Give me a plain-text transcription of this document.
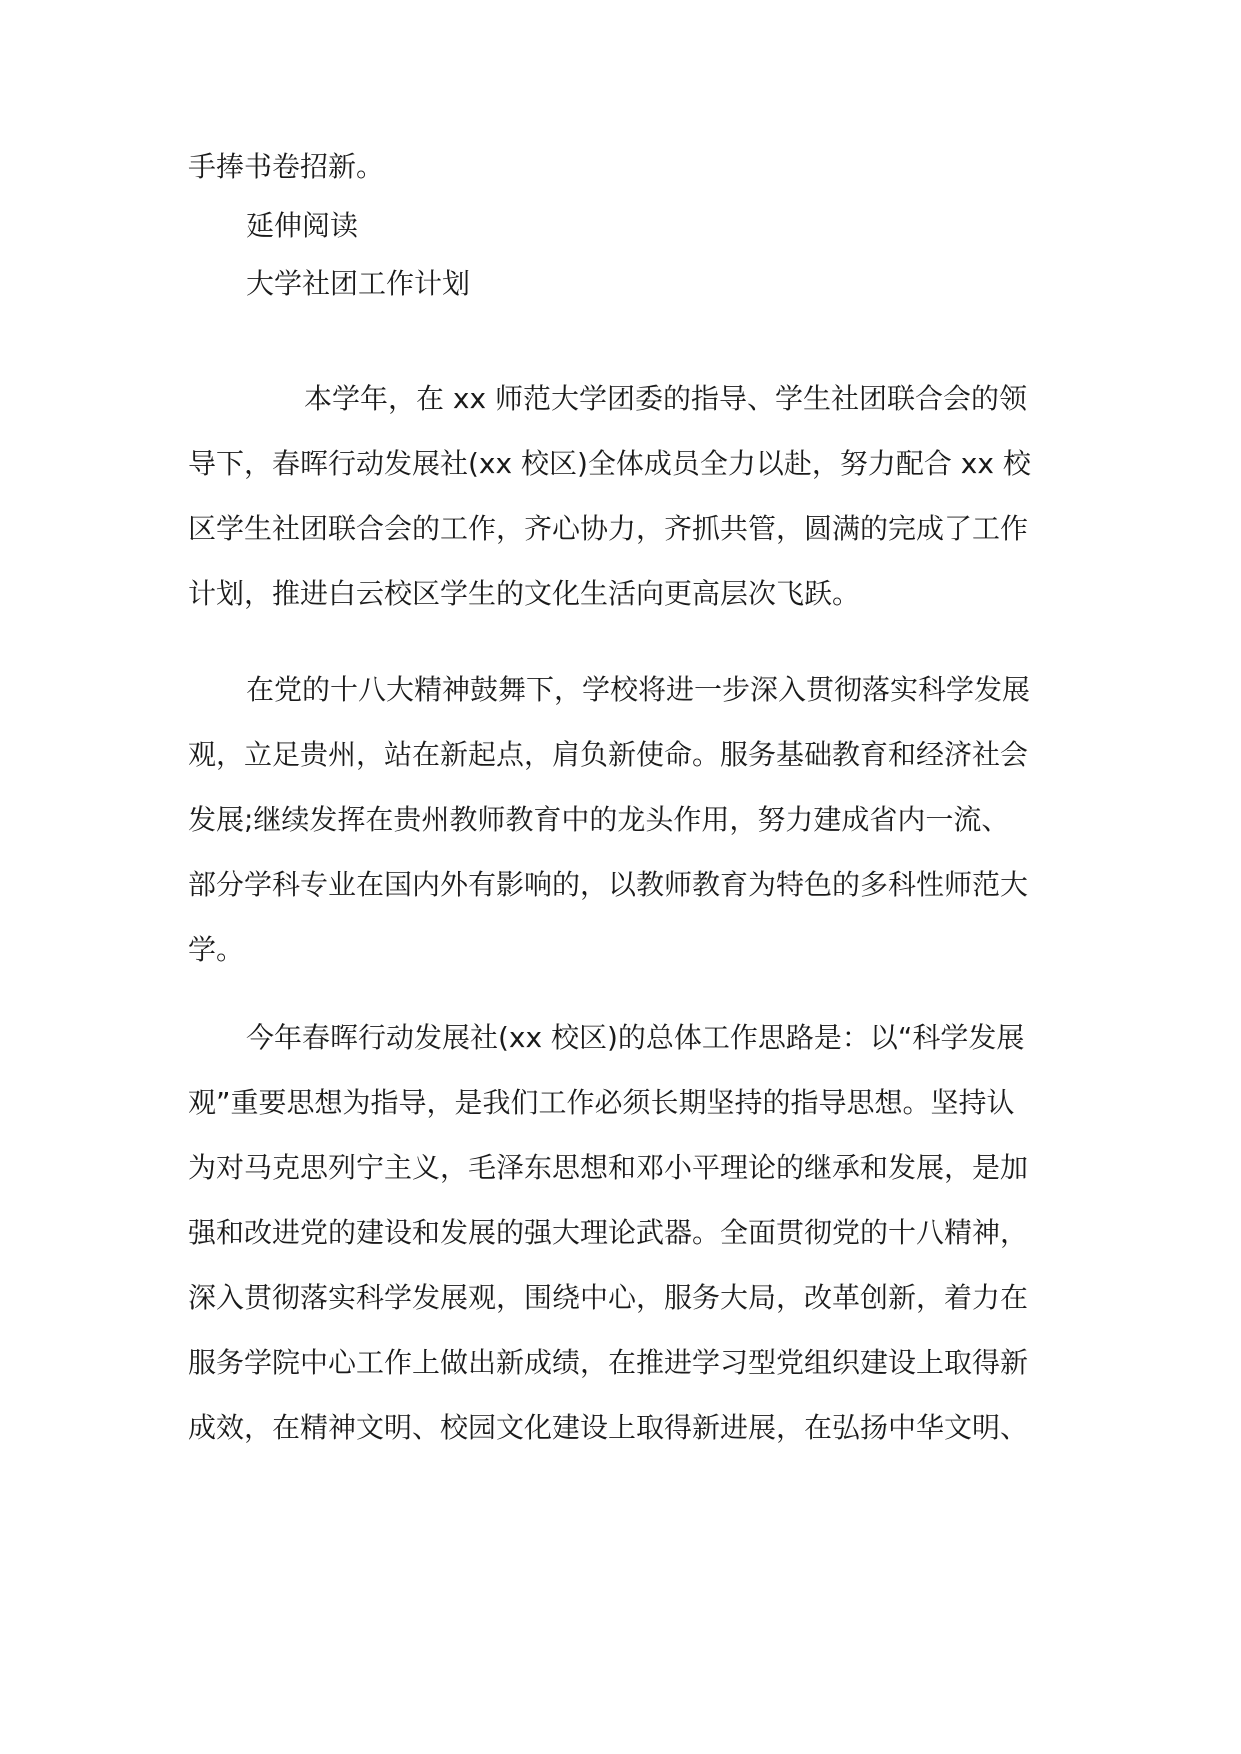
手捧书卷招新。
延伸阅读
大学社团工作计划
本学年，在 xx 师范大学团委的指导、学生社团联合会的领
导下，春晖行动发展社(xx 校区)全体成员全力以赴，努力配合 xx 校
区学生社团联合会的工作，齐心协力，齐抓共管，圆满的完成了工作
计划，推进白云校区学生的文化生活向更高层次飞跃。
在党的十八大精神鼓舞下，学校将进一步深入贯彻落实科学发展
观，立足贵州，站在新起点，肩负新使命。服务基础教育和经济社会
发展;继续发挥在贵州教师教育中的龙头作用，努力建成省内一流、
部分学科专业在国内外有影响的，以教师教育为特色的多科性师范大
学。
今年春晖行动发展社(xx 校区)的总体工作思路是：以“科学发展
观”重要思想为指导，是我们工作必须长期坚持的指导思想。坚持认
为对马克思列宁主义，毛泽东思想和邓小平理论的继承和发展，是加
强和改进党的建设和发展的强大理论武器。全面贯彻党的十八精神，
深入贯彻落实科学发展观，围绕中心，服务大局，改革创新，着力在
服务学院中心工作上做出新成绩，在推进学习型党组织建设上取得新
成效，在精神文明、校园文化建设上取得新进展，在弘扬中华文明、
